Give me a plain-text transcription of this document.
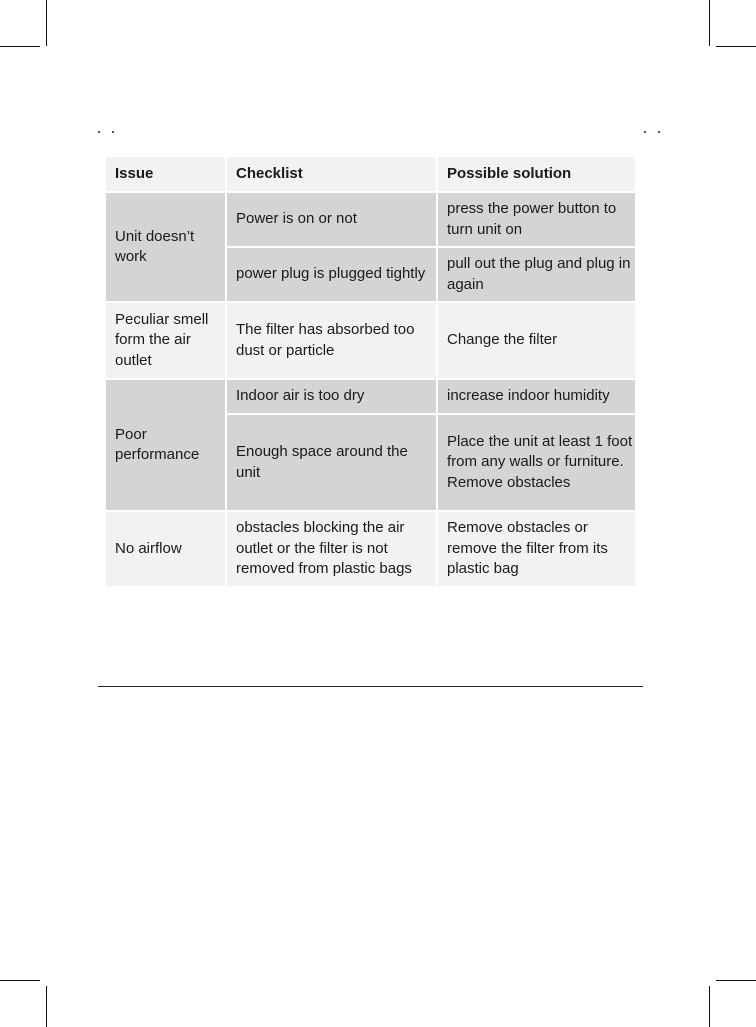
Issue	Checklist	Possible solution
Unit doesn’t work	Power is on or not	press the power button to turn unit on
	power plug is plugged tightly	pull out the plug and plug in again
Peculiar smell form the air outlet	The filter has absorbed too dust or particle	Change the filter
Poor performance	Indoor air is too dry	increase indoor humidity
	Enough space around the unit	Place the unit at least 1 foot from any walls or furniture. Remove obstacles
No airflow	obstacles blocking the air outlet or the filter is not removed from plastic bags	Remove obstacles or remove the filter from its plastic bag
